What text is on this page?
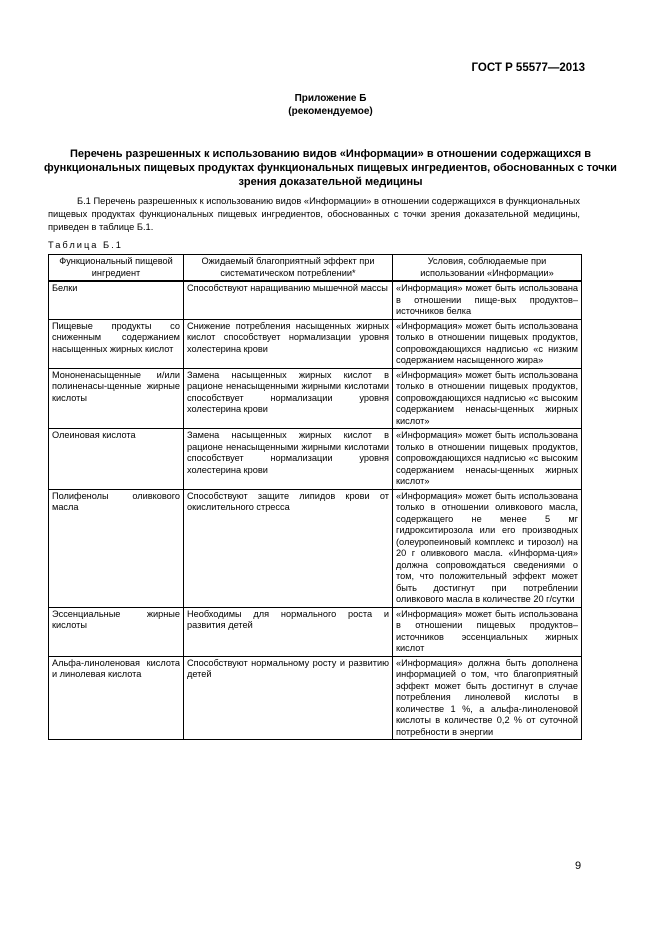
ГОСТ Р 55577—2013
Приложение Б
(рекомендуемое)
Перечень разрешенных к использованию видов «Информации» в отношении содержащихся в функциональных пищевых продуктах функциональных пищевых ингредиентов, обоснованных с точки зрения доказательной медицины
Б.1 Перечень разрешенных к использованию видов «Информации» в отношении содержащихся в функциональных пищевых продуктах функциональных пищевых ингредиентов, обоснованных с точки зрения доказательной медицины, приведен в таблице Б.1.
Таблица Б.1
Функциональный пищевой ингредиент	Ожидаемый благоприятный эффект при систематическом потреблении*	Условия, соблюдаемые при использовании «Информации»
Белки	Способствуют наращиванию мышечной массы	«Информация» может быть использована в отношении пище-вых продуктов–источников белка
Пищевые продукты со сниженным содержанием насыщенных жирных кислот	Снижение потребления насыщенных жирных кислот способствует нормализации уровня холестерина крови	«Информация» может быть использована только в отношении пищевых продуктов, сопровождающихся надписью «с низким содержанием насыщенного жира»
Мононенасыщенные и/или полиненасы-щенные жирные кислоты	Замена насыщенных жирных кислот в рационе ненасыщенными жирными кислотами способствует нормализации уровня холестерина крови	«Информация» может быть использована только в отношении пищевых продуктов, сопровождающихся надписью «с высоким содержанием ненасы-щенных жирных кислот»
Олеиновая кислота	Замена насыщенных жирных кислот в рационе ненасыщенными жирными кислотами способствует нормализации уровня холестерина крови	«Информация» может быть использована только в отношении пищевых продуктов, сопровождающихся надписью «с высоким содержанием ненасы-щенных жирных кислот»
Полифенолы оливкового масла	Способствуют защите липидов крови от окислительного стресса	«Информация» может быть использована только в отношении оливкового масла, содержащего не менее 5 мг гидрокситирозола или его производных (олеуропеиновый комплекс и тирозол) на 20 г оливкового масла. «Информа-ция» должна сопровождаться сведениями о том, что положительный эффект может быть достигнут при потреблении оливкового масла в количестве 20 г/сутки
Эссенциальные жирные кислоты	Необходимы для нормального роста и развития детей	«Информация» может быть использована в отношении пищевых продуктов–источников эссенциальных жирных кислот
Альфа-линоленовая кислота и линолевая кислота	Способствуют нормальному росту и развитию детей	«Информация» должна быть дополнена информацией о том, что благоприятный эффект может быть достигнут в случае потребления линолевой кислоты в количестве 1 %, а альфа-линоленовой кислоты в количестве 0,2 % от суточной потребности в энергии
9
